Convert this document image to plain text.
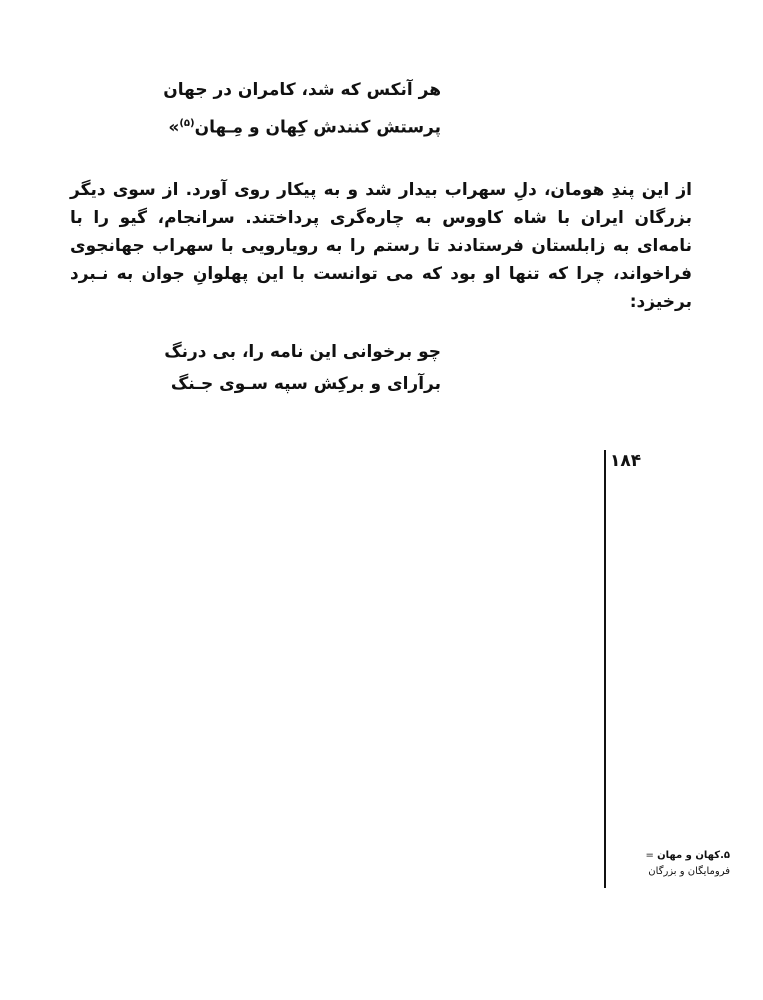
هر آنکس که شد، کامران در جهان
پرستش کنندش کِهان و مِـهان$^{(۵)}$»

از این پندِ هومان، دلِ سهراب بیدار شد و به پیکار روی آورد. از سوی دیگر بزرگان ایران با شاه کاووس به چاره‌گری پرداختند. سرانجام، گیو را با نامه‌ای به زابلستان فرستادند تا رستم را به رویارویی با سهراب جهانجوی فراخواند، چرا که تنها او بود که می توانست با این پهلوانِ جوان به نـبرد برخیزد:

چو برخوانی این نامه را، بی درنگ
برآرای و برکِش سپه سـوی جـنگ
۱۸۴
۵.کهان و مهان = فرومایگان و بزرگان
